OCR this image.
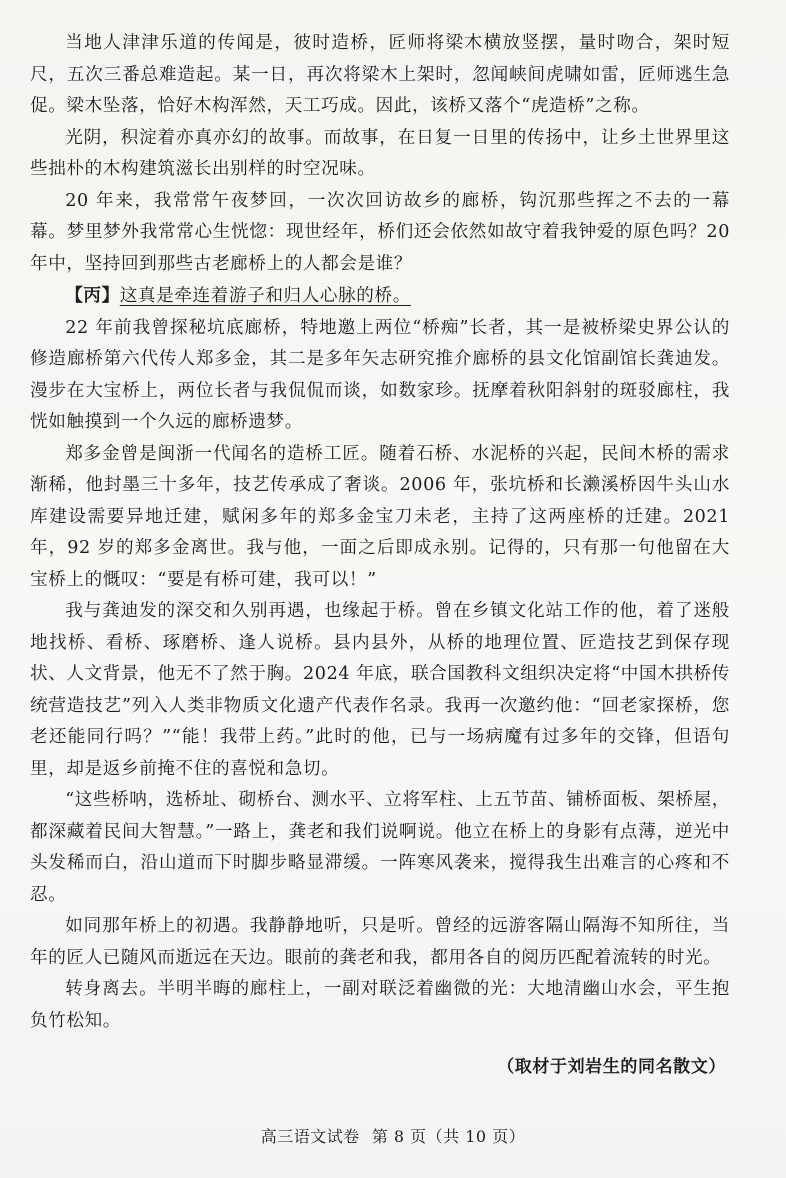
当地人津津乐道的传闻是，彼时造桥，匠师将梁木横放竖摆，量时吻合，架时短尺，五次三番总难造起。某一日，再次将梁木上架时，忽闻峡间虎啸如雷，匠师逃生急促。梁木坠落，恰好木构浑然，天工巧成。因此，该桥又落个“虎造桥”之称。

光阴，积淀着亦真亦幻的故事。而故事，在日复一日里的传扬中，让乡土世界里这些拙朴的木构建筑滋长出别样的时空况味。

20 年来，我常常午夜梦回，一次次回访故乡的廊桥，钩沉那些挥之不去的一幕幕。梦里梦外我常常心生恍惚：现世经年，桥们还会依然如故守着我钟爱的原色吗？20 年中，坚持回到那些古老廊桥上的人都会是谁？

【丙】这真是牵连着游子和归人心脉的桥。

22 年前我曾探秘坑底廊桥，特地邀上两位“桥痴”长者，其一是被桥梁史界公认的修造廊桥第六代传人郑多金，其二是多年矢志研究推介廊桥的县文化馆副馆长龚迪发。漫步在大宝桥上，两位长者与我侃侃而谈，如数家珍。抚摩着秋阳斜射的斑驳廊柱，我恍如触摸到一个久远的廊桥遗梦。

郑多金曾是闽浙一代闻名的造桥工匠。随着石桥、水泥桥的兴起，民间木桥的需求渐稀，他封墨三十多年，技艺传承成了奢谈。2006 年，张坑桥和长濑溪桥因牛头山水库建设需要异地迁建，赋闲多年的郑多金宝刀未老，主持了这两座桥的迁建。2021 年，92 岁的郑多金离世。我与他，一面之后即成永别。记得的，只有那一句他留在大宝桥上的慨叹：“要是有桥可建，我可以！”

我与龚迪发的深交和久别再遇，也缘起于桥。曾在乡镇文化站工作的他，着了迷般地找桥、看桥、琢磨桥、逢人说桥。县内县外，从桥的地理位置、匠造技艺到保存现状、人文背景，他无不了然于胸。2024 年底，联合国教科文组织决定将“中国木拱桥传统营造技艺”列入人类非物质文化遗产代表作名录。我再一次邀约他：“回老家探桥，您老还能同行吗？”“能！我带上药。”此时的他，已与一场病魔有过多年的交锋，但语句里，却是返乡前掩不住的喜悦和急切。

“这些桥呐，选桥址、砌桥台、测水平、立将军柱、上五节苗、铺桥面板、架桥屋，都深藏着民间大智慧。”一路上，龚老和我们说啊说。他立在桥上的身影有点薄，逆光中头发稀而白，沿山道而下时脚步略显滞缓。一阵寒风袭来，搅得我生出难言的心疼和不忍。

如同那年桥上的初遇。我静静地听，只是听。曾经的远游客隔山隔海不知所往，当年的匠人已随风而逝远在天边。眼前的龚老和我，都用各自的阅历匹配着流转的时光。

转身离去。半明半晦的廊柱上，一副对联泛着幽微的光：大地清幽山水会，平生抱负竹松知。

（取材于刘岩生的同名散文）
高三语文试卷 第 8 页（共 10 页）
